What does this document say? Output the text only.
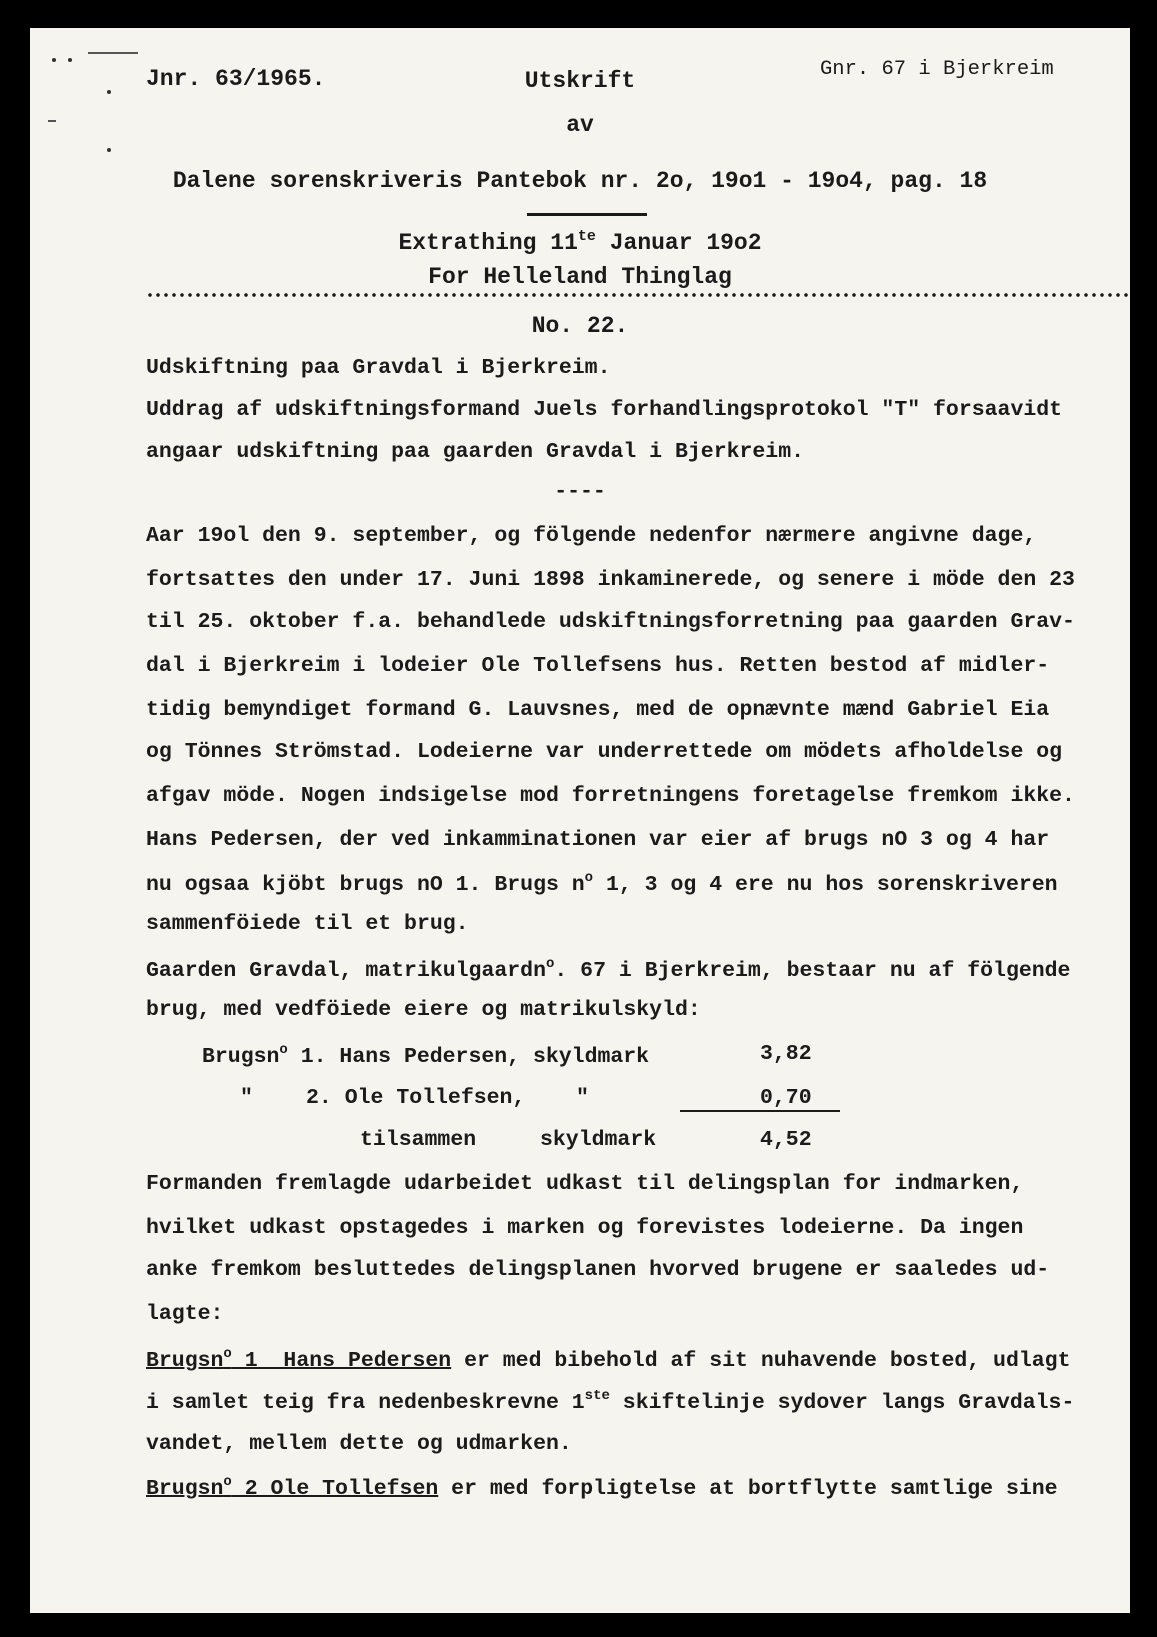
Jnr. 63/1965.	Gnr. 67 i Bjerkreim
Utskrift
av
Dalene sorenskriveris Pantebok nr. 2o, 19o1 - 19o4, pag. 18
Extrathing $11^{te}$ Januar 19o2
For Helleland Thinglag
No. 22.
Udskiftning paa Gravdal i Bjerkreim.
Uddrag af udskiftningsformand Juels forhandlingsprotokol "T" forsaavidt
angaar udskiftning paa gaarden Gravdal i Bjerkreim.
----
Aar 19ol den 9. september, og fölgende nedenfor nærmere angivne dage,
fortsattes den under 17. Juni 1898 inkaminerede, og senere i möde den 23
til 25. oktober f.a. behandlede udskiftningsforretning paa gaarden Grav-
dal i Bjerkreim i lodeier Ole Tollefsens hus. Retten bestod af midler-
tidig bemyndiget formand G. Lauvsnes, med de opnævnte mænd Gabriel Eia
og Tönnes Strömstad. Lodeierne var underrettede om mödets afholdelse og
afgav möde. Nogen indsigelse mod forretningens foretagelse fremkom ikke.
Hans Pedersen, der ved inkamminationen var eier af brugs nO 3 og 4 har
nu ogsaa kjöbt brugs nO 1. Brugs $n^o$ 1, 3 og 4 ere nu hos sorenskriveren
sammenföiede til et brug.
Gaarden Gravdal, matrikulgaardn$^o$. 67 i Bjerkreim, bestaar nu af fölgende
brug, med vedföiede eiere og matrikulskyld:
Brugsn$^o$ 1. Hans Pedersen, skyldmark	3,82
" 2. Ole Tollefsen, "	0,70
tilsammen	skyldmark	4,52
Formanden fremlagde udarbeidet udkast til delingsplan for indmarken,
hvilket udkast opstagedes i marken og forevistes lodeierne. Da ingen
anke fremkom besluttedes delingsplanen hvorved brugene er saaledes ud-
lagte:
Brugsn$^o$ 1  Hans Pedersen er med bibehold af sit nuhavende bosted, udlagt
i samlet teig fra nedenbeskrevne 1ste skiftelinje sydover langs Gravdals-
vandet, mellem dette og udmarken.
Brugsn$^o$ 2 Ole Tollefsen er med forpligtelse at bortflytte samtlige sine
